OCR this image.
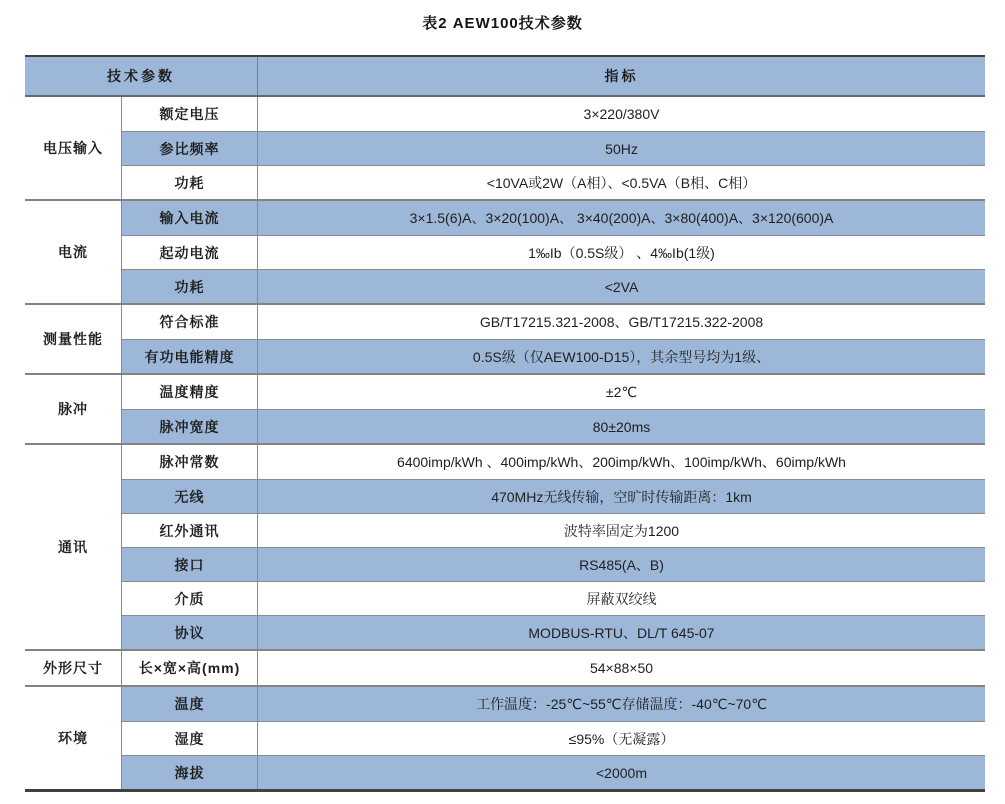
表2 AEW100技术参数
技术参数	指标
电压输入
额定电压	3×220/380V
参比频率	50Hz
功耗	<10VA或2W（A相）、<0.5VA（B相、C相）
电流
输入电流	3×1.5(6)A、3×20(100)A、 3×40(200)A、3×80(400)A、3×120(600)A
起动电流	1‰Ib（0.5S级） 、4‰Ib(1级)
功耗	<2VA
测量性能
符合标准	GB/T17215.321-2008、GB/T17215.322-2008
有功电能精度	0.5S级（仅AEW100-D15），其余型号均为1级、
脉冲
温度精度	±2℃
脉冲宽度	80±20ms
通讯
脉冲常数	6400imp/kWh 、400imp/kWh、200imp/kWh、100imp/kWh、60imp/kWh
无线	470MHz无线传输，空旷时传输距离：1km
红外通讯	波特率固定为1200
接口	RS485(A、B)
介质	屏蔽双绞线
协议	MODBUS-RTU、DL/T 645-07
外形尺寸	长×宽×高(mm)	54×88×50
环境
温度	工作温度：-25℃~55℃存储温度：-40℃~70℃
湿度	≤95%（无凝露）
海拔	<2000m
